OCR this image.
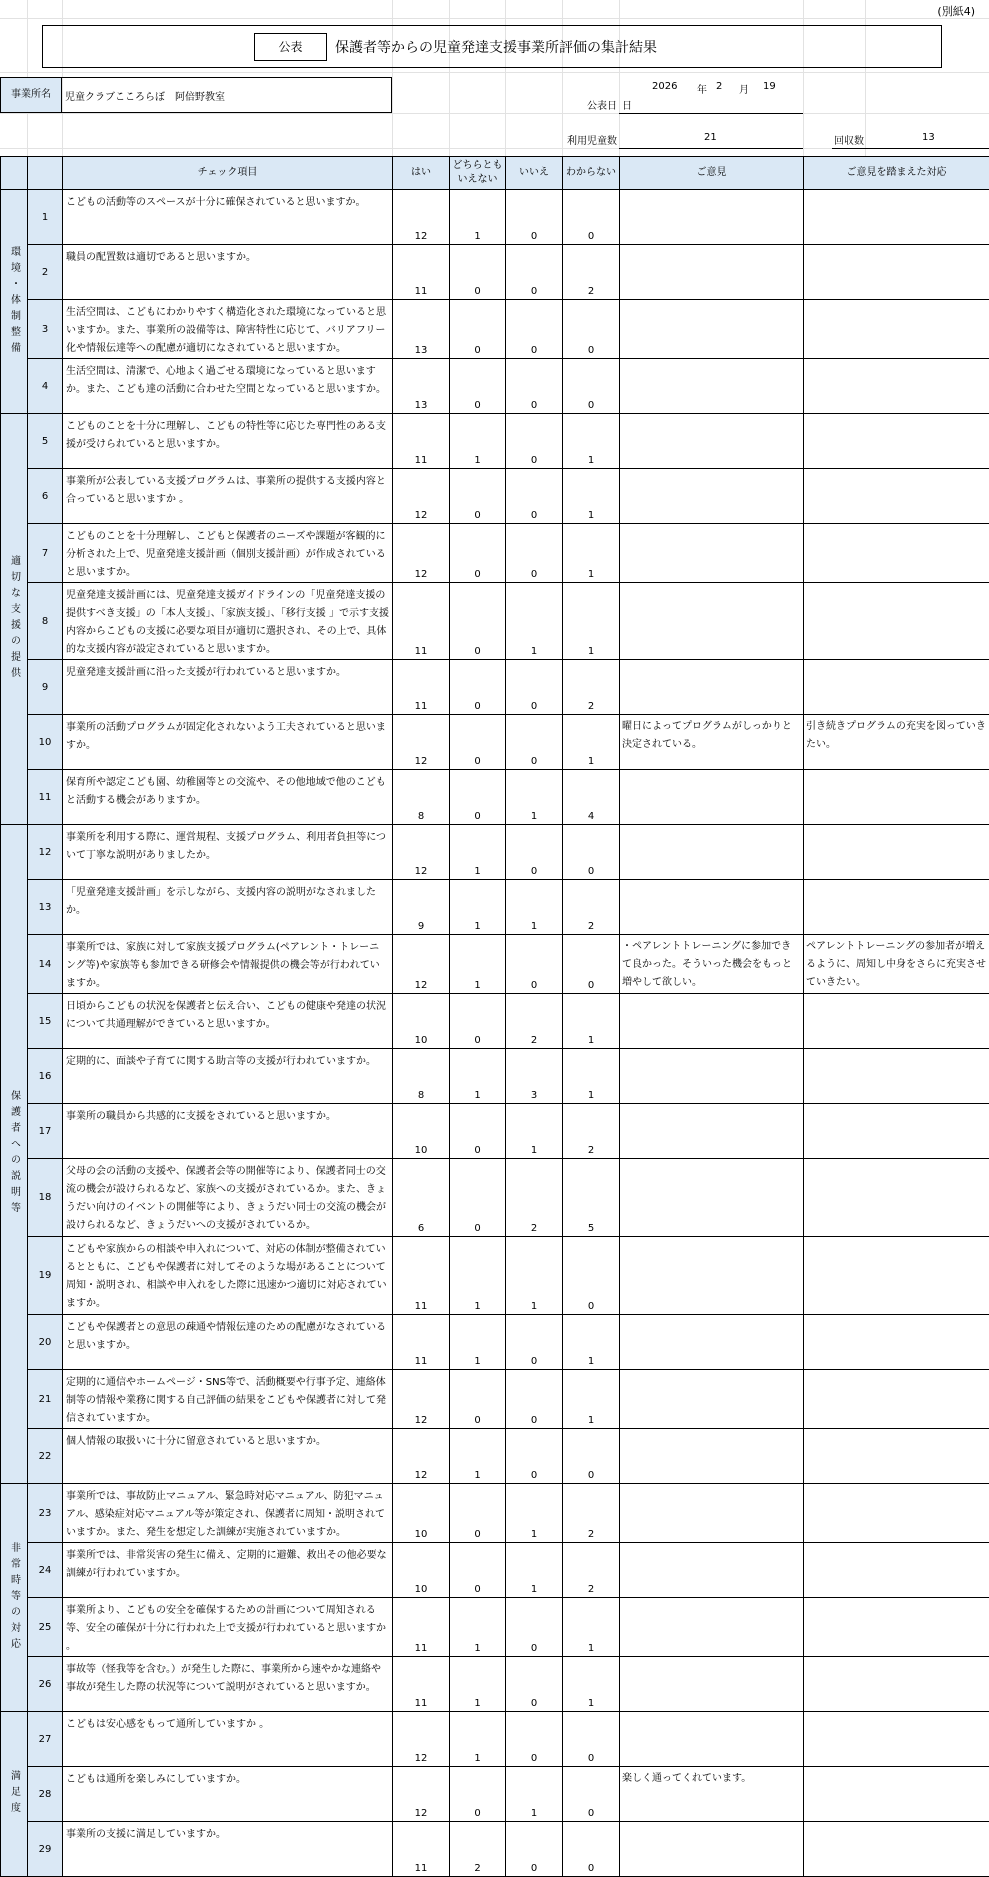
(別紙4)
公表	保護者等からの児童発達支援事業所評価の集計結果
事業所名	児童クラブこころらぼ　阿倍野教室
公表日
2026 年 2 月 19
日
利用児童数	21	回収数	13
		チェック項目	はい	どちらとも
いえない	いいえ	わからない	ご意見	ご意見を踏まえた対応
環境・体制整備	1	こどもの活動等のスペースが十分に確保されていると思いますか。	12	1	0	0		
	2	職員の配置数は適切であると思いますか。	11	0	0	2		
	3	生活空間は、こどもにわかりやすく構造化された環境になっていると思いますか。また、事業所の設備等は、障害特性に応じて、バリアフリー化や情報伝達等への配慮が適切になされていると思いますか。	13	0	0	0		
	4	生活空間は、清潔で、心地よく過ごせる環境になっていると思いますか。また、こども達の活動に合わせた空間となっていると思いますか。	13	0	0	0		
適切な支援の提供	5	こどものことを十分に理解し、こどもの特性等に応じた専門性のある支援が受けられていると思いますか。	11	1	0	1		
	6	事業所が公表している支援プログラムは、事業所の提供する支援内容と合っていると思いますか 。	12	0	0	1		
	7	こどものことを十分理解し、こどもと保護者のニーズや課題が客観的に分析された上で、児童発達支援計画（個別支援計画）が作成されていると思いますか。	12	0	0	1		
	8	児童発達支援計画には、児童発達支援ガイドラインの「児童発達支援の提供すべき支援」の「本人支援」、「家族支援」、「移行支援 」で示す支援内容からこどもの支援に必要な項目が適切に選択され、その上で、具体的な支援内容が設定されていると思いますか。	11	0	1	1		
	9	児童発達支援計画に沿った支援が行われていると思いますか。	11	0	0	2		
	10	事業所の活動プログラムが固定化されないよう工夫されていると思いますか。	12	0	0	1	曜日によってプログラムがしっかりと決定されている。	引き続きプログラムの充実を図っていきたい。
	11	保育所や認定こども園、幼稚園等との交流や、その他地域で他のこどもと活動する機会がありますか。	8	0	1	4		
保護者への説明等	12	事業所を利用する際に、運営規程、支援プログラム、利用者負担等について丁寧な説明がありましたか。	12	1	0	0		
	13	「児童発達支援計画」を示しながら、支援内容の説明がなされましたか。	9	1	1	2		
	14	事業所では、家族に対して家族支援プログラム(ペアレント・トレーニング等)や家族等も参加できる研修会や情報提供の機会等が行われていますか。	12	1	0	0	・ペアレントトレーニングに参加できて良かった。そういった機会をもっと増やして欲しい。	ペアレントトレーニングの参加者が増えるように、周知し中身をさらに充実させていきたい。
	15	日頃からこどもの状況を保護者と伝え合い、こどもの健康や発達の状況について共通理解ができていると思いますか。	10	0	2	1		
	16	定期的に、面談や子育てに関する助言等の支援が行われていますか。	8	1	3	1		
	17	事業所の職員から共感的に支援をされていると思いますか。	10	0	1	2		
	18	父母の会の活動の支援や、保護者会等の開催等により、保護者同士の交流の機会が設けられるなど、家族への支援がされているか。また、きょうだい向けのイベントの開催等により、きょうだい同士の交流の機会が設けられるなど、きょうだいへの支援がされているか。	6	0	2	5		
	19	こどもや家族からの相談や申入れについて、対応の体制が整備されているとともに、こどもや保護者に対してそのような場があることについて周知・説明され、相談や申入れをした際に迅速かつ適切に対応されていますか。	11	1	1	0		
	20	こどもや保護者との意思の疎通や情報伝達のための配慮がなされていると思いますか。	11	1	0	1		
	21	定期的に通信やホームページ・SNS等で、活動概要や行事予定、連絡体制等の情報や業務に関する自己評価の結果をこどもや保護者に対して発信されていますか。	12	0	0	1		
	22	個人情報の取扱いに十分に留意されていると思いますか。	12	1	0	0		
非常時等の対応	23	事業所では、事故防止マニュアル、緊急時対応マニュアル、防犯マニュアル、感染症対応マニュアル等が策定され、保護者に周知・説明されていますか。また、発生を想定した訓練が実施されていますか。	10	0	1	2		
	24	事業所では、非常災害の発生に備え、定期的に避難、救出その他必要な訓練が行われていますか。	10	0	1	2		
	25	事業所より、こどもの安全を確保するための計画について周知される等、安全の確保が十分に行われた上で支援が行われていると思いますか 。	11	1	0	1		
	26	事故等（怪我等を含む。）が発生した際に、事業所から速やかな連絡や事故が発生した際の状況等について説明がされていると思いますか。	11	1	0	1		
満足度	27	こどもは安心感をもって通所していますか 。	12	1	0	0		
	28	こどもは通所を楽しみにしていますか。	12	0	1	0	楽しく通ってくれています。	
	29	事業所の支援に満足していますか。	11	2	0	0		
